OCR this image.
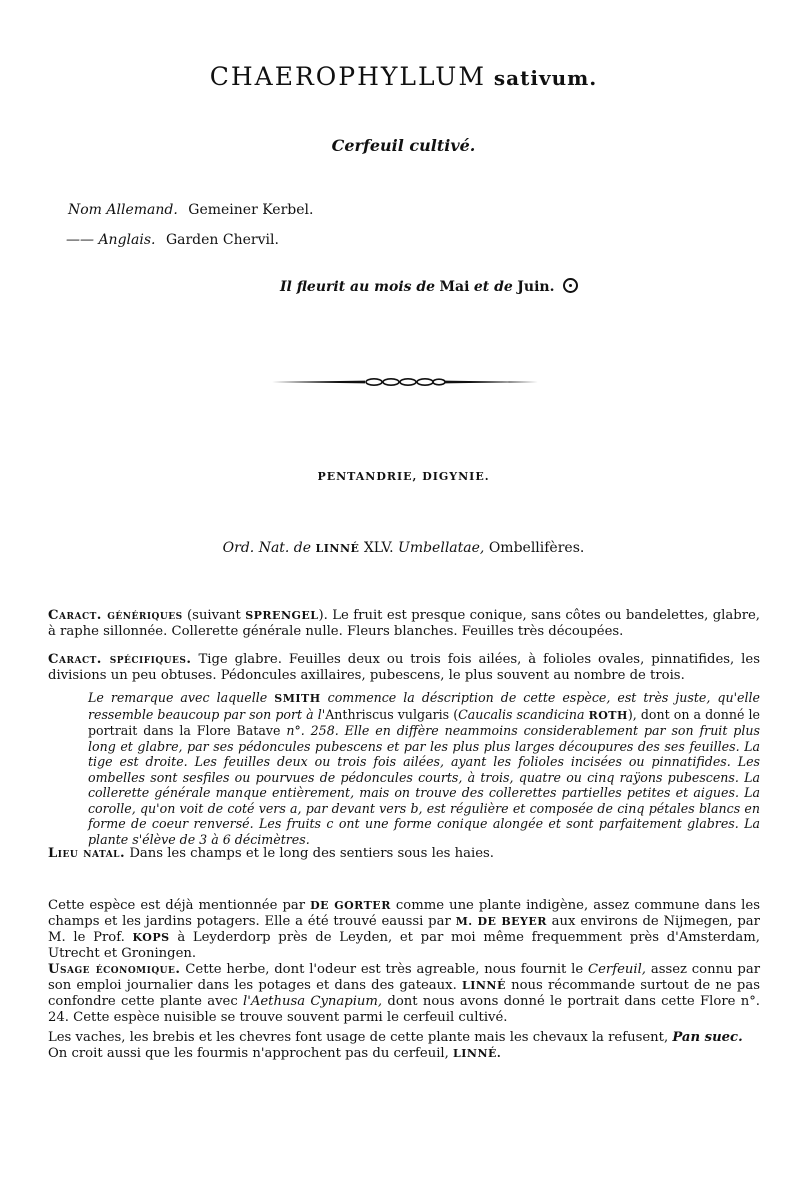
CHAEROPHYLLUM sativum.
Cerfeuil cultivé.
Nom Allemand. Gemeiner Kerbel.
—— Anglais. Garden Chervil.
Il fleurit au mois de Mai et de Juin.
PENTANDRIE, DIGYNIE.
Ord. Nat. de LINNÉ XLV. Umbellatae, Ombellifères.
Caract. génériques (suivant SPRENGEL). Le fruit est presque conique, sans côtes ou bandelettes, glabre, à raphe sillonnée. Collerette générale nulle. Fleurs blanches. Feuilles très découpées.
Caract. spécifiques. Tige glabre. Feuilles deux ou trois fois ailées, à folioles ovales, pinnatifides, les divisions un peu obtuses. Pédoncules axillaires, pubescens, le plus souvent au nombre de trois.
Le remarque avec laquelle SMITH commence la déscription de cette espèce, est très juste, qu'elle ressemble beaucoup par son port à l'Anthriscus vulgaris (Caucalis scandicina ROTH), dont on a donné le portrait dans la Flore Batave n°. 258. Elle en diffère neammoins considerablement par son fruit plus long et glabre, par ses pédoncules pubescens et par les plus plus larges découpures des ses feuilles. La tige est droite. Les feuilles deux ou trois fois ailées, ayant les folioles incisées ou pinnatifides. Les ombelles sont sesfiles ou pourvues de pédoncules courts, à trois, quatre ou cinq raÿons pubescens. La collerette générale manque entièrement, mais on trouve des collerettes partielles petites et aigues. La corolle, qu'on voit de coté vers a, par devant vers b, est régulière et composée de cinq pétales blancs en forme de coeur renversé. Les fruits c ont une forme conique alongée et sont parfaitement glabres. La plante s'élève de 3 à 6 décimètres.
Lieu natal. Dans les champs et le long des sentiers sous les haies.
Cette espèce est déjà mentionnée par DE GORTER comme une plante indigène, assez commune dans les champs et les jardins potagers. Elle a été trouvé eaussi par M. DE BEYER aux environs de Nijmegen, par M. le Prof. KOPS à Leyderdorp près de Leyden, et par moi même frequemment près d'Amsterdam, Utrecht et Groningen.
Usage économique. Cette herbe, dont l'odeur est très agreable, nous fournit le Cerfeuil, assez connu par son emploi journalier dans les potages et dans des gateaux. LINNÉ nous récommande surtout de ne pas confondre cette plante avec l'Aethusa Cynapium, dont nous avons donné le portrait dans cette Flore n°. 24. Cette espèce nuisible se trouve souvent parmi le cerfeuil cultivé.
Les vaches, les brebis et les chevres font usage de cette plante mais les chevaux la refusent, Pan suec. On croit aussi que les fourmis n'approchent pas du cerfeuil, LINNÉ.
